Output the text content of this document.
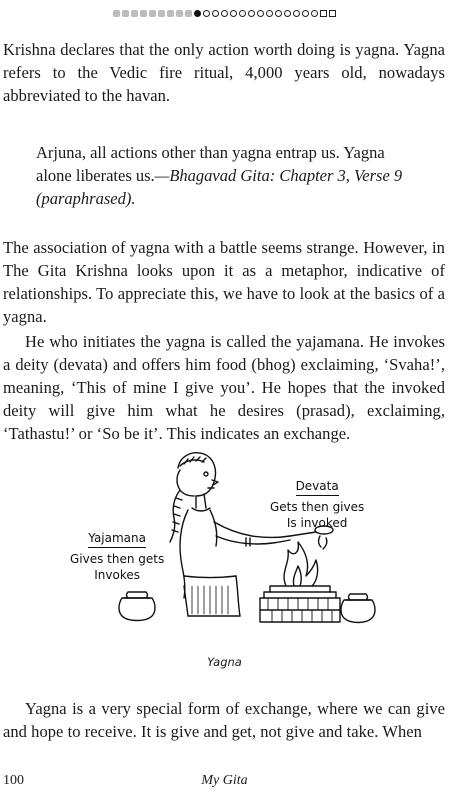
Krishna declares that the only action worth doing is yagna. Yagna refers to the Vedic fire ritual, 4,000 years old, nowadays abbreviated to the havan.

Arjuna, all actions other than yagna entrap us. Yagna alone liberates us.—Bhagavad Gita: Chapter 3, Verse 9 (paraphrased).

The association of yagna with a battle seems strange. However, in The Gita Krishna looks upon it as a metaphor, indicative of relationships. To appreciate this, we have to look at the basics of a yagna.

He who initiates the yagna is called the yajamana. He invokes a deity (devata) and offers him food (bhog) exclaiming, ‘Svaha!’, meaning, ‘This of mine I give you’. He hopes that the invoked deity will give him what he desires (prasad), exclaiming, ‘Tathastu!’ or ‘So be it’. This indicates an exchange.

Devata
Gets then gives
Is invoked
Yajamana
Gives then gets
Invokes
Yagna

Yagna is a very special form of exchange, where we can give and hope to receive. It is give and get, not give and take. When

100	My Gita
